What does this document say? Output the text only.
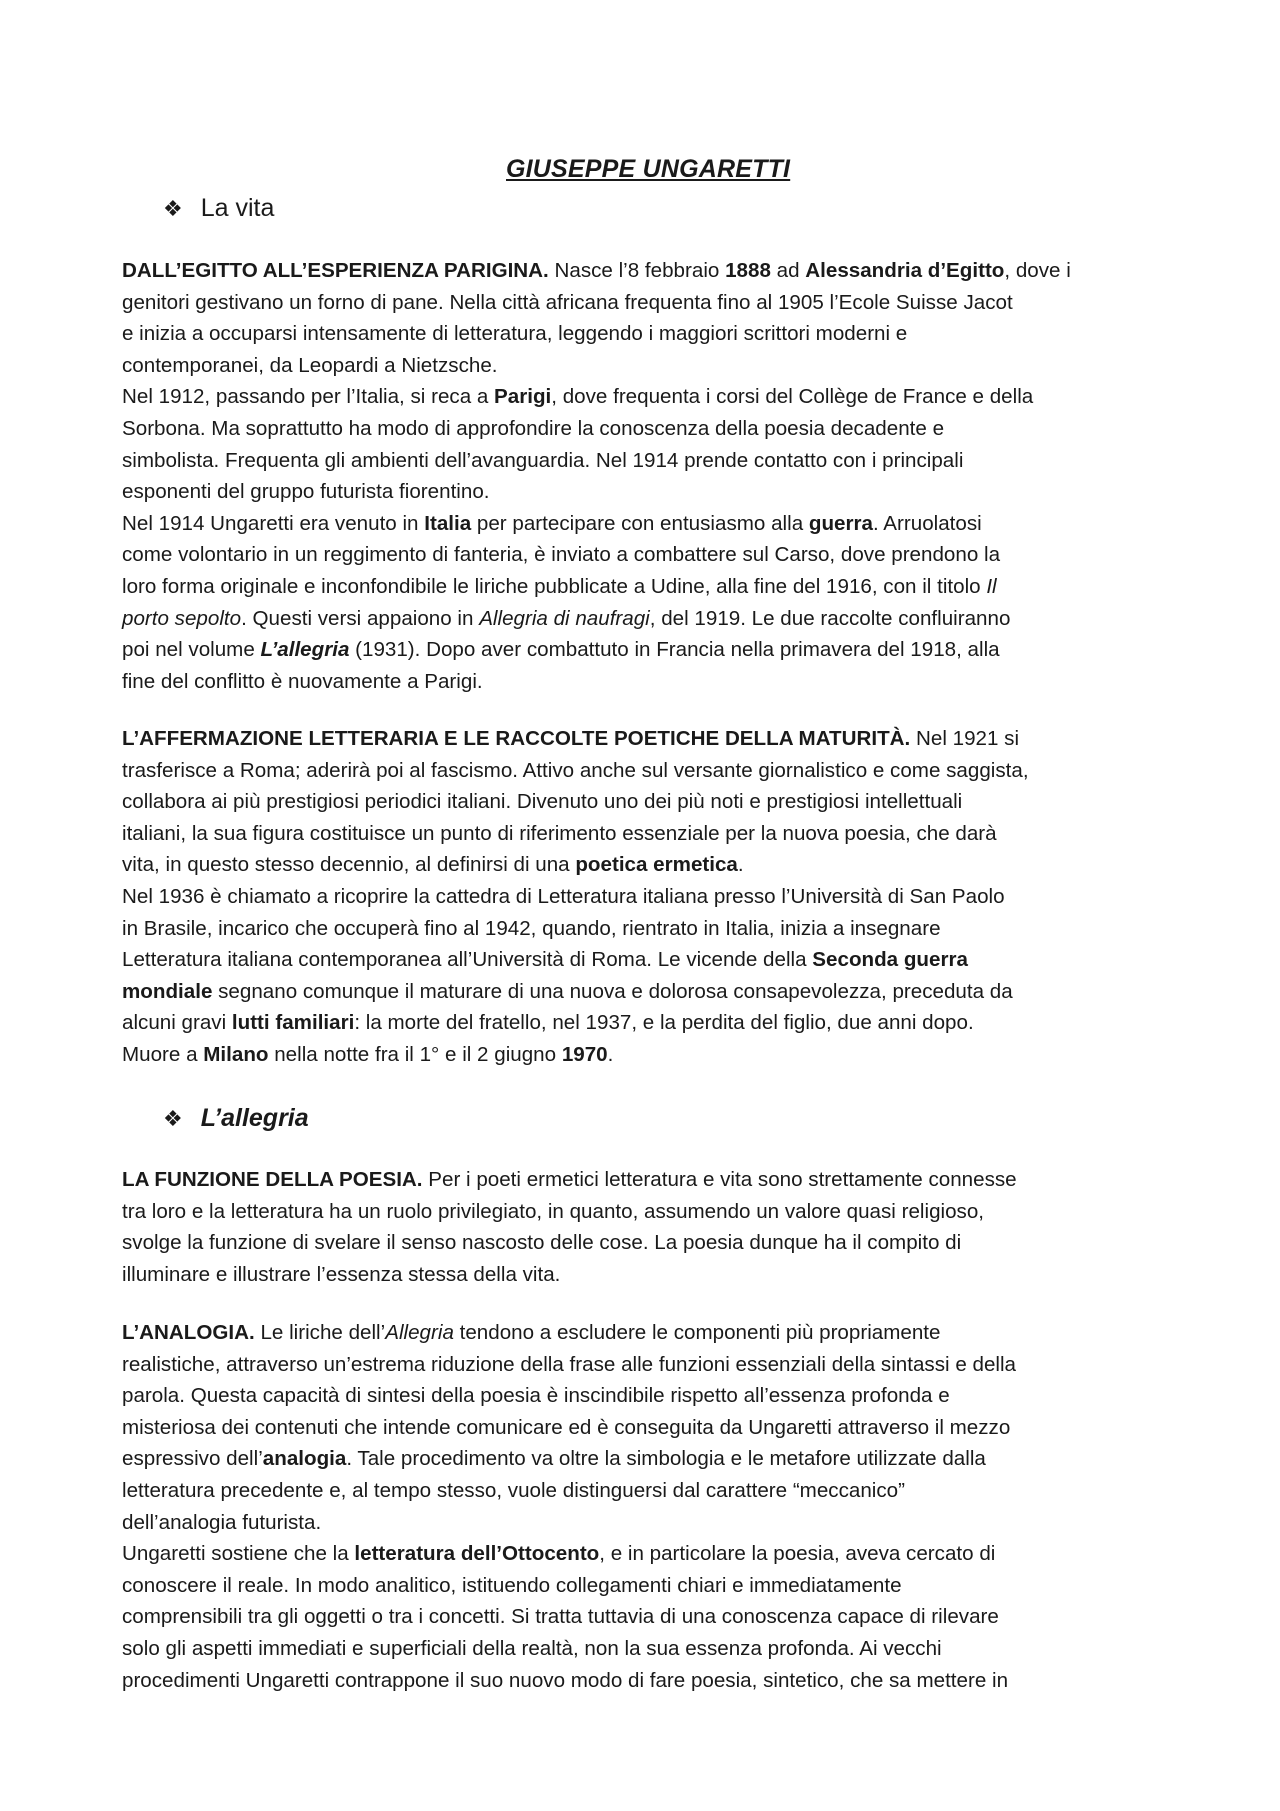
GIUSEPPE UNGARETTI
❖ La vita
DALL’EGITTO ALL’ESPERIENZA PARIGINA. Nasce l’8 febbraio 1888 ad Alessandria d’Egitto, dove i
genitori gestivano un forno di pane. Nella città africana frequenta fino al 1905 l’Ecole Suisse Jacot
e inizia a occuparsi intensamente di letteratura, leggendo i maggiori scrittori moderni e
contemporanei, da Leopardi a Nietzsche.
Nel 1912, passando per l’Italia, si reca a Parigi, dove frequenta i corsi del Collège de France e della
Sorbona. Ma soprattutto ha modo di approfondire la conoscenza della poesia decadente e
simbolista. Frequenta gli ambienti dell’avanguardia. Nel 1914 prende contatto con i principali
esponenti del gruppo futurista fiorentino.
Nel 1914 Ungaretti era venuto in Italia per partecipare con entusiasmo alla guerra. Arruolatosi
come volontario in un reggimento di fanteria, è inviato a combattere sul Carso, dove prendono la
loro forma originale e inconfondibile le liriche pubblicate a Udine, alla fine del 1916, con il titolo Il
porto sepolto. Questi versi appaiono in Allegria di naufragi, del 1919. Le due raccolte confluiranno
poi nel volume L’allegria (1931). Dopo aver combattuto in Francia nella primavera del 1918, alla
fine del conflitto è nuovamente a Parigi.
L’AFFERMAZIONE LETTERARIA E LE RACCOLTE POETICHE DELLA MATURITÀ. Nel 1921 si
trasferisce a Roma; aderirà poi al fascismo. Attivo anche sul versante giornalistico e come saggista,
collabora ai più prestigiosi periodici italiani. Divenuto uno dei più noti e prestigiosi intellettuali
italiani, la sua figura costituisce un punto di riferimento essenziale per la nuova poesia, che darà
vita, in questo stesso decennio, al definirsi di una poetica ermetica.
Nel 1936 è chiamato a ricoprire la cattedra di Letteratura italiana presso l’Università di San Paolo
in Brasile, incarico che occuperà fino al 1942, quando, rientrato in Italia, inizia a insegnare
Letteratura italiana contemporanea all’Università di Roma. Le vicende della Seconda guerra
mondiale segnano comunque il maturare di una nuova e dolorosa consapevolezza, preceduta da
alcuni gravi lutti familiari: la morte del fratello, nel 1937, e la perdita del figlio, due anni dopo.
Muore a Milano nella notte fra il 1° e il 2 giugno 1970.
❖ L’allegria
LA FUNZIONE DELLA POESIA. Per i poeti ermetici letteratura e vita sono strettamente connesse
tra loro e la letteratura ha un ruolo privilegiato, in quanto, assumendo un valore quasi religioso,
svolge la funzione di svelare il senso nascosto delle cose. La poesia dunque ha il compito di
illuminare e illustrare l’essenza stessa della vita.
L’ANALOGIA. Le liriche dell’Allegria tendono a escludere le componenti più propriamente
realistiche, attraverso un’estrema riduzione della frase alle funzioni essenziali della sintassi e della
parola. Questa capacità di sintesi della poesia è inscindibile rispetto all’essenza profonda e
misteriosa dei contenuti che intende comunicare ed è conseguita da Ungaretti attraverso il mezzo
espressivo dell’analogia. Tale procedimento va oltre la simbologia e le metafore utilizzate dalla
letteratura precedente e, al tempo stesso, vuole distinguersi dal carattere “meccanico”
dell’analogia futurista.
Ungaretti sostiene che la letteratura dell’Ottocento, e in particolare la poesia, aveva cercato di
conoscere il reale. In modo analitico, istituendo collegamenti chiari e immediatamente
comprensibili tra gli oggetti o tra i concetti. Si tratta tuttavia di una conoscenza capace di rilevare
solo gli aspetti immediati e superficiali della realtà, non la sua essenza profonda. Ai vecchi
procedimenti Ungaretti contrappone il suo nuovo modo di fare poesia, sintetico, che sa mettere in
